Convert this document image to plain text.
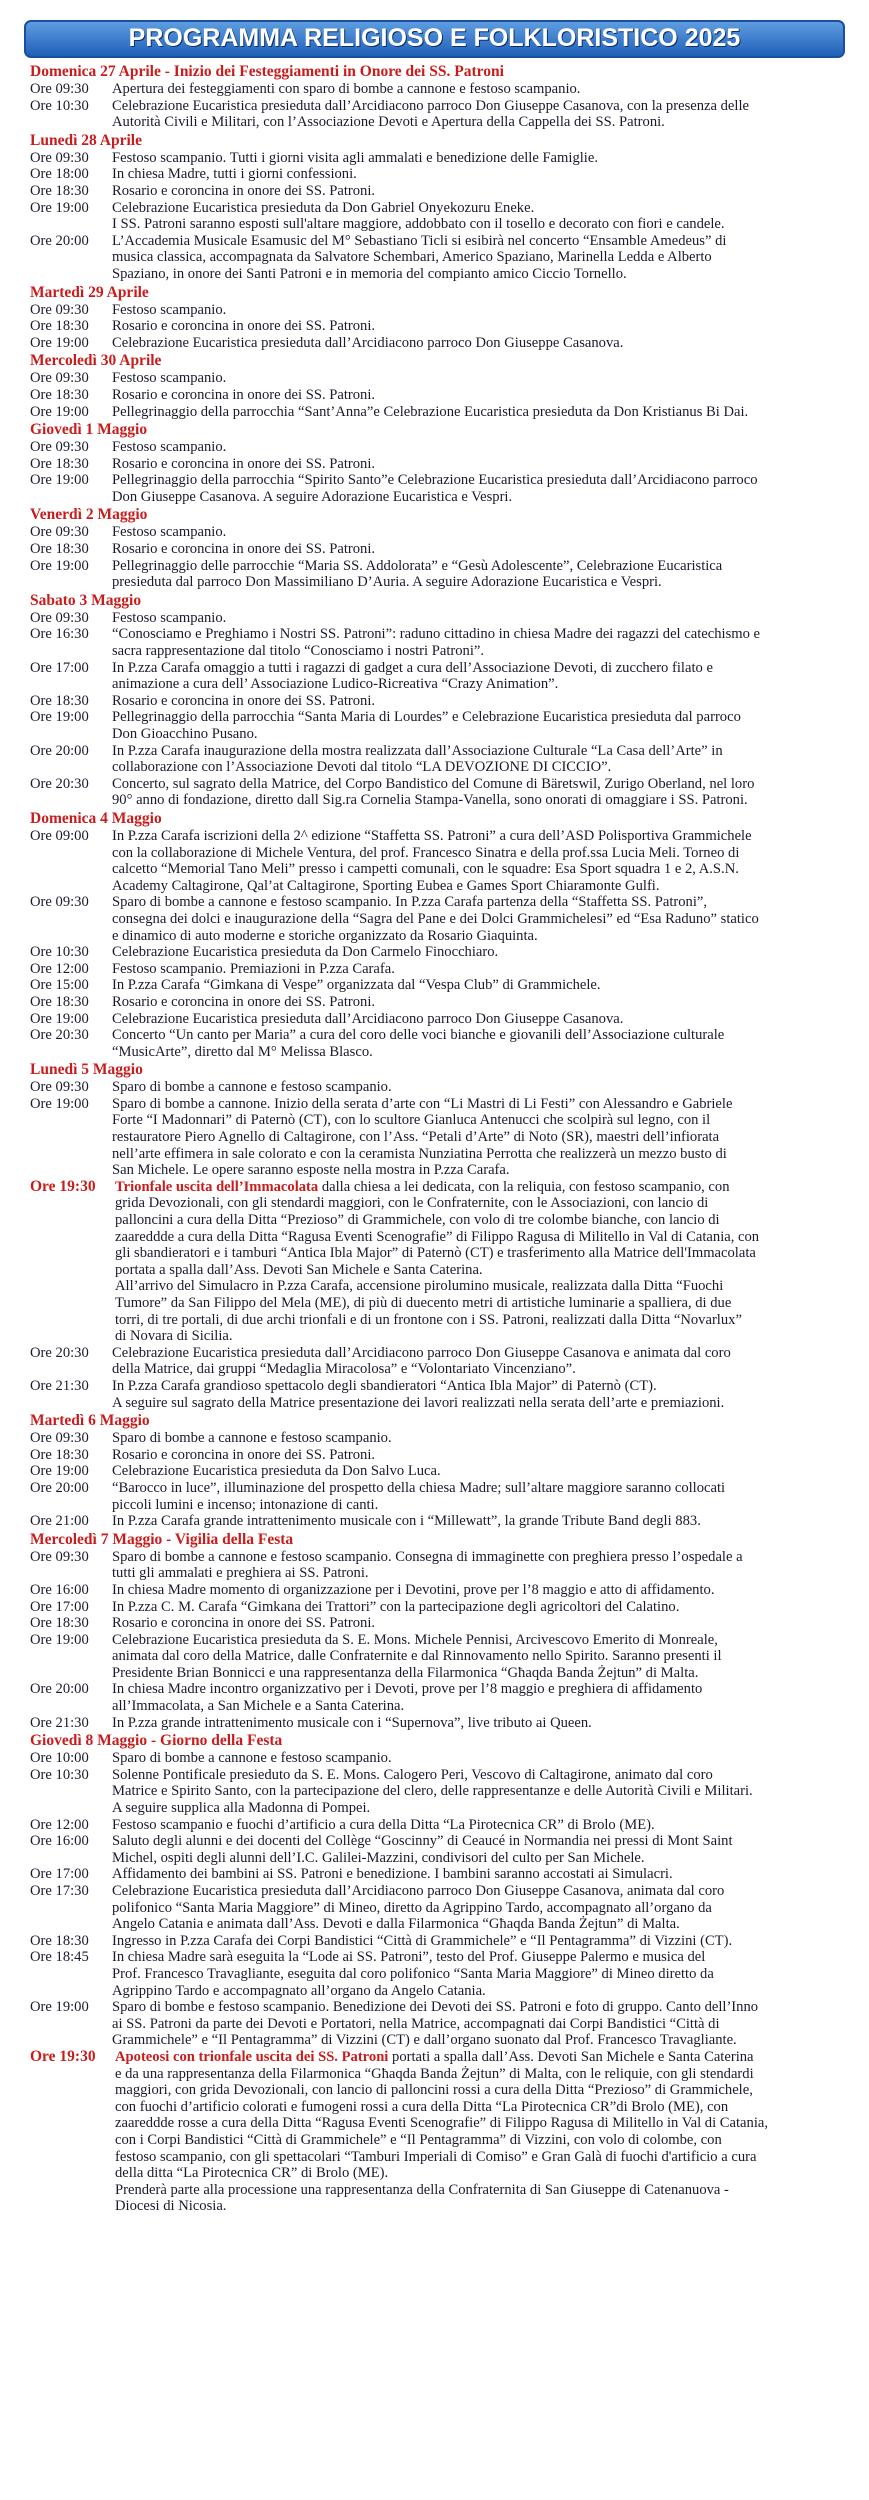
PROGRAMMA RELIGIOSO E FOLKLORISTICO 2025
Domenica 27 Aprile - Inizio dei Festeggiamenti in Onore dei SS. Patroni
Ore 09:30	Apertura dei festeggiamenti con sparo di bombe a cannone e festoso scampanio.
Ore 10:30	Celebrazione Eucaristica presieduta dall’Arcidiacono parroco Don Giuseppe Casanova, con la presenza delle
Autorità Civili e Militari, con l’Associazione Devoti e Apertura della Cappella dei SS. Patroni.
Lunedì 28 Aprile
Ore 09:30	Festoso scampanio. Tutti i giorni visita agli ammalati e benedizione delle Famiglie.
Ore 18:00	In chiesa Madre, tutti i giorni confessioni.
Ore 18:30	Rosario e coroncina in onore dei SS. Patroni.
Ore 19:00	Celebrazione Eucaristica presieduta da Don Gabriel Onyekozuru Eneke.
I SS. Patroni saranno esposti sull'altare maggiore, addobbato con il tosello e decorato con fiori e candele.
Ore 20:00	L’Accademia Musicale Esamusic del M° Sebastiano Ticli si esibirà nel concerto “Ensamble Amedeus” di
musica classica, accompagnata da Salvatore Schembari, Americo Spaziano, Marinella Ledda e Alberto
Spaziano, in onore dei Santi Patroni e in memoria del compianto amico Ciccio Tornello.
Martedì 29 Aprile
Ore 09:30	Festoso scampanio.
Ore 18:30	Rosario e coroncina in onore dei SS. Patroni.
Ore 19:00	Celebrazione Eucaristica presieduta dall’Arcidiacono parroco Don Giuseppe Casanova.
Mercoledì 30 Aprile
Ore 09:30	Festoso scampanio.
Ore 18:30	Rosario e coroncina in onore dei SS. Patroni.
Ore 19:00	Pellegrinaggio della parrocchia “Sant’Anna”e Celebrazione Eucaristica presieduta da Don Kristianus Bi Dai.
Giovedì 1 Maggio
Ore 09:30	Festoso scampanio.
Ore 18:30	Rosario e coroncina in onore dei SS. Patroni.
Ore 19:00	Pellegrinaggio della parrocchia “Spirito Santo”e Celebrazione Eucaristica presieduta dall’Arcidiacono parroco
Don Giuseppe Casanova. A seguire Adorazione Eucaristica e Vespri.
Venerdì 2 Maggio
Ore 09:30	Festoso scampanio.
Ore 18:30	Rosario e coroncina in onore dei SS. Patroni.
Ore 19:00	Pellegrinaggio delle parrocchie “Maria SS. Addolorata” e “Gesù Adolescente”, Celebrazione Eucaristica
presieduta dal parroco Don Massimiliano D’Auria. A seguire Adorazione Eucaristica e Vespri.
Sabato 3 Maggio
Ore 09:30	Festoso scampanio.
Ore 16:30	“Conosciamo e Preghiamo i Nostri SS. Patroni”: raduno cittadino in chiesa Madre dei ragazzi del catechismo e
sacra rappresentazione dal titolo “Conosciamo i nostri Patroni”.
Ore 17:00	In P.zza Carafa omaggio a tutti i ragazzi di gadget a cura dell’Associazione Devoti, di zucchero filato e
animazione a cura dell’ Associazione Ludico-Ricreativa “Crazy Animation”.
Ore 18:30	Rosario e coroncina in onore dei SS. Patroni.
Ore 19:00	Pellegrinaggio della parrocchia “Santa Maria di Lourdes” e Celebrazione Eucaristica presieduta dal parroco
Don Gioacchino Pusano.
Ore 20:00	In P.zza Carafa inaugurazione della mostra realizzata dall’Associazione Culturale “La Casa dell’Arte” in
collaborazione con l’Associazione Devoti dal titolo “LA DEVOZIONE DI CICCIO”.
Ore 20:30	Concerto, sul sagrato della Matrice, del Corpo Bandistico del Comune di Bäretswil, Zurigo Oberland, nel loro
90° anno di fondazione, diretto dall Sig.ra Cornelia Stampa-Vanella, sono onorati di omaggiare i SS. Patroni.
Domenica 4 Maggio
Ore 09:00	In P.zza Carafa iscrizioni della 2^ edizione “Staffetta SS. Patroni” a cura dell’ASD Polisportiva Grammichele
con la collaborazione di Michele Ventura, del prof. Francesco Sinatra e della prof.ssa Lucia Meli. Torneo di
calcetto “Memorial Tano Meli” presso i campetti comunali, con le squadre: Esa Sport squadra 1 e 2, A.S.N.
Academy Caltagirone, Qal’at Caltagirone, Sporting Eubea e Games Sport Chiaramonte Gulfi.
Ore 09:30	Sparo di bombe a cannone e festoso scampanio. In P.zza Carafa partenza della “Staffetta SS. Patroni”,
consegna dei dolci e inaugurazione della “Sagra del Pane e dei Dolci Grammichelesi” ed “Esa Raduno” statico
e dinamico di auto moderne e storiche organizzato da Rosario Giaquinta.
Ore 10:30	Celebrazione Eucaristica presieduta da Don Carmelo Finocchiaro.
Ore 12:00	Festoso scampanio. Premiazioni in P.zza Carafa.
Ore 15:00	In P.zza Carafa “Gimkana di Vespe” organizzata dal “Vespa Club” di Grammichele.
Ore 18:30	Rosario e coroncina in onore dei SS. Patroni.
Ore 19:00	Celebrazione Eucaristica presieduta dall’Arcidiacono parroco Don Giuseppe Casanova.
Ore 20:30	Concerto “Un canto per Maria” a cura del coro delle voci bianche e giovanili dell’Associazione culturale
“MusicArte”, diretto dal M° Melissa Blasco.
Lunedì 5 Maggio
Ore 09:30	Sparo di bombe a cannone e festoso scampanio.
Ore 19:00	Sparo di bombe a cannone. Inizio della serata d’arte con “Li Mastri di Li Festi” con Alessandro e Gabriele
Forte “I Madonnari” di Paternò (CT), con lo scultore Gianluca Antenucci che scolpirà sul legno, con il
restauratore Piero Agnello di Caltagirone, con l’Ass. “Petali d’Arte” di Noto (SR), maestri dell’infiorata
nell’arte effimera in sale colorato e con la ceramista Nunziatina Perrotta che realizzerà un mezzo busto di
San Michele. Le opere saranno esposte nella mostra in P.zza Carafa.
Ore 19:30	Trionfale uscita dell’Immacolata dalla chiesa a lei dedicata, con la reliquia, con festoso scampanio, con
grida Devozionali, con gli stendardi maggiori, con le Confraternite, con le Associazioni, con lancio di
palloncini a cura della Ditta “Prezioso” di Grammichele, con volo di tre colombe bianche, con lancio di
zaareddde a cura della Ditta “Ragusa Eventi Scenografie” di Filippo Ragusa di Militello in Val di Catania, con
gli sbandieratori e i tamburi “Antica Ibla Major” di Paternò (CT) e trasferimento alla Matrice dell'Immacolata
portata a spalla dall’Ass. Devoti San Michele e Santa Caterina.
All’arrivo del Simulacro in P.zza Carafa, accensione pirolumino musicale, realizzata dalla Ditta “Fuochi
Tumore” da San Filippo del Mela (ME), di più di duecento metri di artistiche luminarie a spalliera, di due
torri, di tre portali, di due archi trionfali e di un frontone con i SS. Patroni, realizzati dalla Ditta “Novarlux”
di Novara di Sicilia.
Ore 20:30	Celebrazione Eucaristica presieduta dall’Arcidiacono parroco Don Giuseppe Casanova e animata dal coro
della Matrice, dai gruppi “Medaglia Miracolosa” e “Volontariato Vincenziano”.
Ore 21:30	In P.zza Carafa grandioso spettacolo degli sbandieratori “Antica Ibla Major” di Paternò (CT).
A seguire sul sagrato della Matrice presentazione dei lavori realizzati nella serata dell’arte e premiazioni.
Martedì 6 Maggio
Ore 09:30	Sparo di bombe a cannone e festoso scampanio.
Ore 18:30	Rosario e coroncina in onore dei SS. Patroni.
Ore 19:00	Celebrazione Eucaristica presieduta da Don Salvo Luca.
Ore 20:00	“Barocco in luce”, illuminazione del prospetto della chiesa Madre; sull’altare maggiore saranno collocati
piccoli lumini e incenso; intonazione di canti.
Ore 21:00	In P.zza Carafa grande intrattenimento musicale con i “Millewatt”, la grande Tribute Band degli 883.
Mercoledì 7 Maggio - Vigilia della Festa
Ore 09:30	Sparo di bombe a cannone e festoso scampanio. Consegna di immaginette con preghiera presso l’ospedale a
tutti gli ammalati e preghiera ai SS. Patroni.
Ore 16:00	In chiesa Madre momento di organizzazione per i Devotini, prove per l’8 maggio e atto di affidamento.
Ore 17:00	In P.zza C. M. Carafa “Gimkana dei Trattori” con la partecipazione degli agricoltori del Calatino.
Ore 18:30	Rosario e coroncina in onore dei SS. Patroni.
Ore 19:00	Celebrazione Eucaristica presieduta da S. E. Mons. Michele Pennisi, Arcivescovo Emerito di Monreale,
animata dal coro della Matrice, dalle Confraternite e dal Rinnovamento nello Spirito. Saranno presenti il
Presidente Brian Bonnicci e una rappresentanza della Filarmonica “Għaqda Banda Żejtun” di Malta.
Ore 20:00	In chiesa Madre incontro organizzativo per i Devoti, prove per l’8 maggio e preghiera di affidamento
all’Immacolata, a San Michele e a Santa Caterina.
Ore 21:30	In P.zza grande intrattenimento musicale con i “Supernova”, live tributo ai Queen.
Giovedì 8 Maggio - Giorno della Festa
Ore 10:00	Sparo di bombe a cannone e festoso scampanio.
Ore 10:30	Solenne Pontificale presieduto da S. E. Mons. Calogero Peri, Vescovo di Caltagirone, animato dal coro
Matrice e Spirito Santo, con la partecipazione del clero, delle rappresentanze e delle Autorità Civili e Militari.
A seguire supplica alla Madonna di Pompei.
Ore 12:00	Festoso scampanio e fuochi d’artificio a cura della Ditta “La Pirotecnica CR” di Brolo (ME).
Ore 16:00	Saluto degli alunni e dei docenti del Collège “Goscinny” di Ceaucé in Normandia nei pressi di Mont Saint
Michel, ospiti degli alunni dell’I.C. Galilei-Mazzini, condivisori del culto per San Michele.
Ore 17:00	Affidamento dei bambini ai SS. Patroni e benedizione. I bambini saranno accostati ai Simulacri.
Ore 17:30	Celebrazione Eucaristica presieduta dall’Arcidiacono parroco Don Giuseppe Casanova, animata dal coro
polifonico “Santa Maria Maggiore” di Mineo, diretto da Agrippino Tardo, accompagnato all’organo da
Angelo Catania e animata dall’Ass. Devoti e dalla Filarmonica “Għaqda Banda Żejtun” di Malta.
Ore 18:30	Ingresso in P.zza Carafa dei Corpi Bandistici “Città di Grammichele” e “Il Pentagramma” di Vizzini (CT).
Ore 18:45	In chiesa Madre sarà eseguita la “Lode ai SS. Patroni”, testo del Prof. Giuseppe Palermo e musica del
Prof. Francesco Travagliante, eseguita dal coro polifonico “Santa Maria Maggiore” di Mineo diretto da
Agrippino Tardo e accompagnato all’organo da Angelo Catania.
Ore 19:00	Sparo di bombe e festoso scampanio. Benedizione dei Devoti dei SS. Patroni e foto di gruppo. Canto dell’Inno
ai SS. Patroni da parte dei Devoti e Portatori, nella Matrice, accompagnati dai Corpi Bandistici “Città di
Grammichele” e “Il Pentagramma” di Vizzini (CT) e dall’organo suonato dal Prof. Francesco Travagliante.
Ore 19:30	Apoteosi con trionfale uscita dei SS. Patroni portati a spalla dall’Ass. Devoti San Michele e Santa Caterina
e da una rappresentanza della Filarmonica “Għaqda Banda Żejtun” di Malta, con le reliquie, con gli stendardi
maggiori, con grida Devozionali, con lancio di palloncini rossi a cura della Ditta “Prezioso” di Grammichele,
con fuochi d’artificio colorati e fumogeni rossi a cura della Ditta “La Pirotecnica CR”di Brolo (ME), con
zaareddde rosse a cura della Ditta “Ragusa Eventi Scenografie” di Filippo Ragusa di Militello in Val di Catania,
con i Corpi Bandistici “Città di Grammichele” e “Il Pentagramma” di Vizzini, con volo di colombe, con
festoso scampanio, con gli spettacolari “Tamburi Imperiali di Comiso” e Gran Galà di fuochi d'artificio a cura
della ditta “La Pirotecnica CR” di Brolo (ME).
Prenderà parte alla processione una rappresentanza della Confraternita di San Giuseppe di Catenanuova -
Diocesi di Nicosia.
